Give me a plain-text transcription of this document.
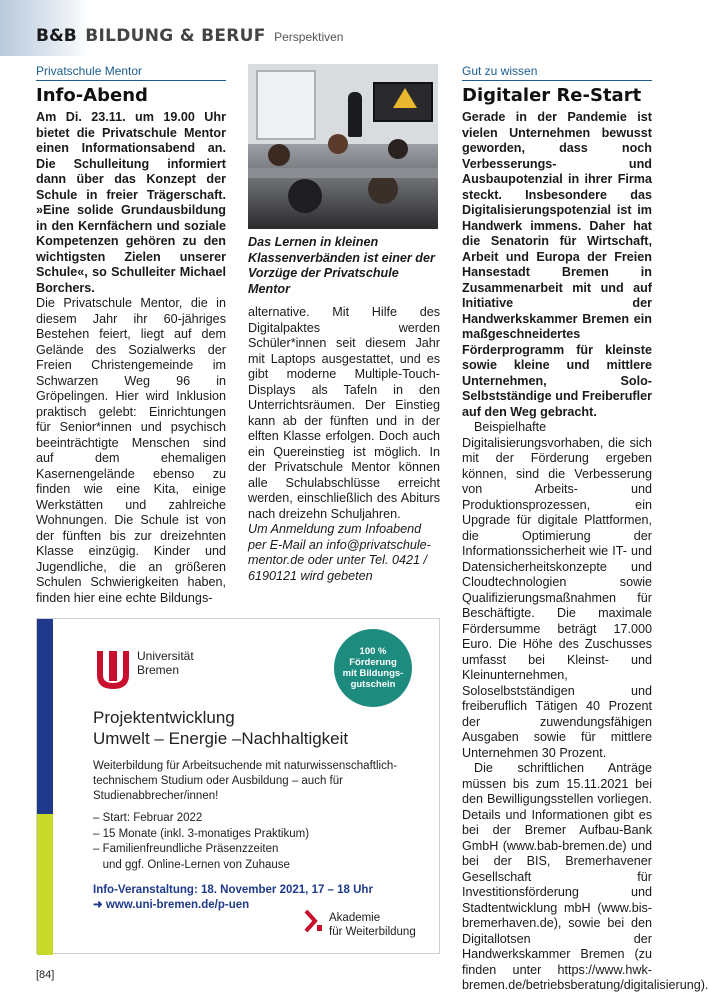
B&B BILDUNG & BERUF Perspektiven
Privatschule Mentor
Info-Abend

Am Di. 23.11. um 19.00 Uhr bietet die Privatschule Mentor einen Informationsabend an. Die Schulleitung informiert dann über das Konzept der Schule in freier Trägerschaft. »Eine solide Grundausbildung in den Kernfächern und soziale Kompetenzen gehören zu den wichtigsten Zielen unserer Schule«, so Schulleiter Michael Borchers.

Die Privatschule Mentor, die in diesem Jahr ihr 60-jähriges Bestehen feiert, liegt auf dem Gelände des Sozialwerks der Freien Christengemeinde im Schwarzen Weg 96 in Gröpelingen. Hier wird Inklusion praktisch gelebt: Einrichtungen für Senior*innen und psychisch beeinträchtigte Menschen sind auf dem ehemaligen Kasernengelände ebenso zu finden wie eine Kita, einige Werkstätten und zahlreiche Wohnungen. Die Schule ist von der fünften bis zur dreizehnten Klasse einzügig. Kinder und Jugendliche, die an größeren Schulen Schwierigkeiten haben, finden hier eine echte Bildungs-

Das Lernen in kleinen Klassenverbänden ist einer der Vorzüge der Privatschule Mentor

alternative. Mit Hilfe des Digitalpaktes werden Schüler*innen seit diesem Jahr mit Laptops ausgestattet, und es gibt moderne Multiple-Touch-Displays als Tafeln in den Unterrichtsräumen. Der Einstieg kann ab der fünften und in der elften Klasse erfolgen. Doch auch ein Quereinstieg ist möglich. In der Privatschule Mentor können alle Schulabschlüsse erreicht werden, einschließlich des Abiturs nach dreizehn Schuljahren.

Um Anmeldung zum Infoabend per E-Mail an info@privatschule-mentor.de oder unter Tel. 0421 / 6190121 wird gebeten

Gut zu wissen
Digitaler Re-Start

Gerade in der Pandemie ist vielen Unternehmen bewusst geworden, dass noch Verbesserungs- und Ausbaupotenzial in ihrer Firma steckt. Insbesondere das Digitalisierungspotenzial ist im Handwerk immens. Daher hat die Senatorin für Wirtschaft, Arbeit und Europa der Freien Hansestadt Bremen in Zusammenarbeit mit und auf Initiative der Handwerkskammer Bremen ein maßgeschneidertes Förderprogramm für kleinste sowie kleine und mittlere Unternehmen, Solo-Selbstständige und Freiberufler auf den Weg gebracht.

Beispielhafte Digitalisierungsvorhaben, die sich mit der Förderung ergeben können, sind die Verbesserung von Arbeits- und Produktionsprozessen, ein Upgrade für digitale Plattformen, die Optimierung der Informationssicherheit wie IT- und Datensicherheitskonzepte und Cloudtechnologien sowie Qualifizierungsmaßnahmen für Beschäftigte. Die maximale Fördersumme beträgt 17.000 Euro. Die Höhe des Zuschusses umfasst bei Kleinst- und Kleinunternehmen, Soloselbstständigen und freiberuflich Tätigen 40 Prozent der zuwendungsfähigen Ausgaben sowie für mittlere Unternehmen 30 Prozent.

Die schriftlichen Anträge müssen bis zum 15.11.2021 bei den Bewilligungsstellen vorliegen. Details und Informationen gibt es bei der Bremer Aufbau-Bank GmbH (www.bab-bremen.de) und bei der BIS, Bremerhavener Gesellschaft für Investitionsförderung und Stadtentwicklung mbH (www.bis-bremerhaven.de), sowie bei den Digitallotsen der Handwerkskammer Bremen (zu finden unter https://www.hwk-bremen.de/betriebsberatung/digitalisierung).

Universität
Bremen
100 % Förderung mit Bildungs-gutschein
Projektentwicklung
Umwelt – Energie –Nachhaltigkeit

Weiterbildung für Arbeitsuchende mit naturwissenschaftlich-technischem Studium oder Ausbildung – auch für Studienabbrecher/innen!

– Start: Februar 2022
– 15 Monate (inkl. 3-monatiges Praktikum)
– Familienfreundliche Präsenzzeiten
und ggf. Online-Lernen von Zuhause
Info-Veranstaltung: 18. November 2021, 17 – 18 Uhr
➜ www.uni-bremen.de/p-uen
Akademie
für Weiterbildung
[84]
